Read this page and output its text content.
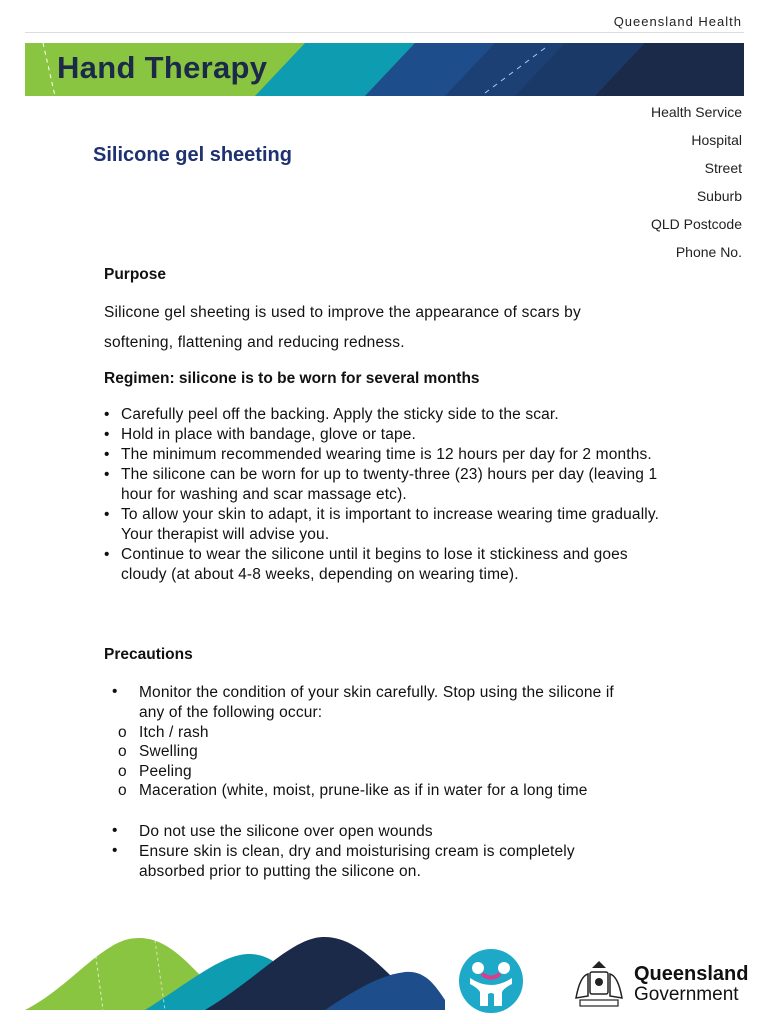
Queensland Health
Hand Therapy
Silicone gel sheeting
Health Service
Hospital
Street
Suburb
QLD Postcode
Phone No.
Purpose
Silicone gel sheeting is used to improve the appearance of scars by
softening, flattening and reducing redness.
Regimen: silicone is to be worn for several months
• Carefully peel off the backing. Apply the sticky side to the scar.
• Hold in place with bandage, glove or tape.
• The minimum recommended wearing time is 12 hours per day for 2 months.
• The silicone can be worn for up to twenty-three (23) hours per day (leaving 1 hour for washing and scar massage etc).
• To allow your skin to adapt, it is important to increase wearing time gradually. Your therapist will advise you.
• Continue to wear the silicone until it begins to lose it stickiness and goes cloudy (at about 4-8 weeks, depending on wearing time).
Precautions
• Monitor the condition of your skin carefully. Stop using the silicone if
any of the following occur:
o Itch / rash
o Swelling
o Peeling
o Maceration (white, moist, prune-like as if in water for a long time
• Do not use the silicone over open wounds
• Ensure skin is clean, dry and moisturising cream is completely
absorbed prior to putting the silicone on.
Queensland
Government
